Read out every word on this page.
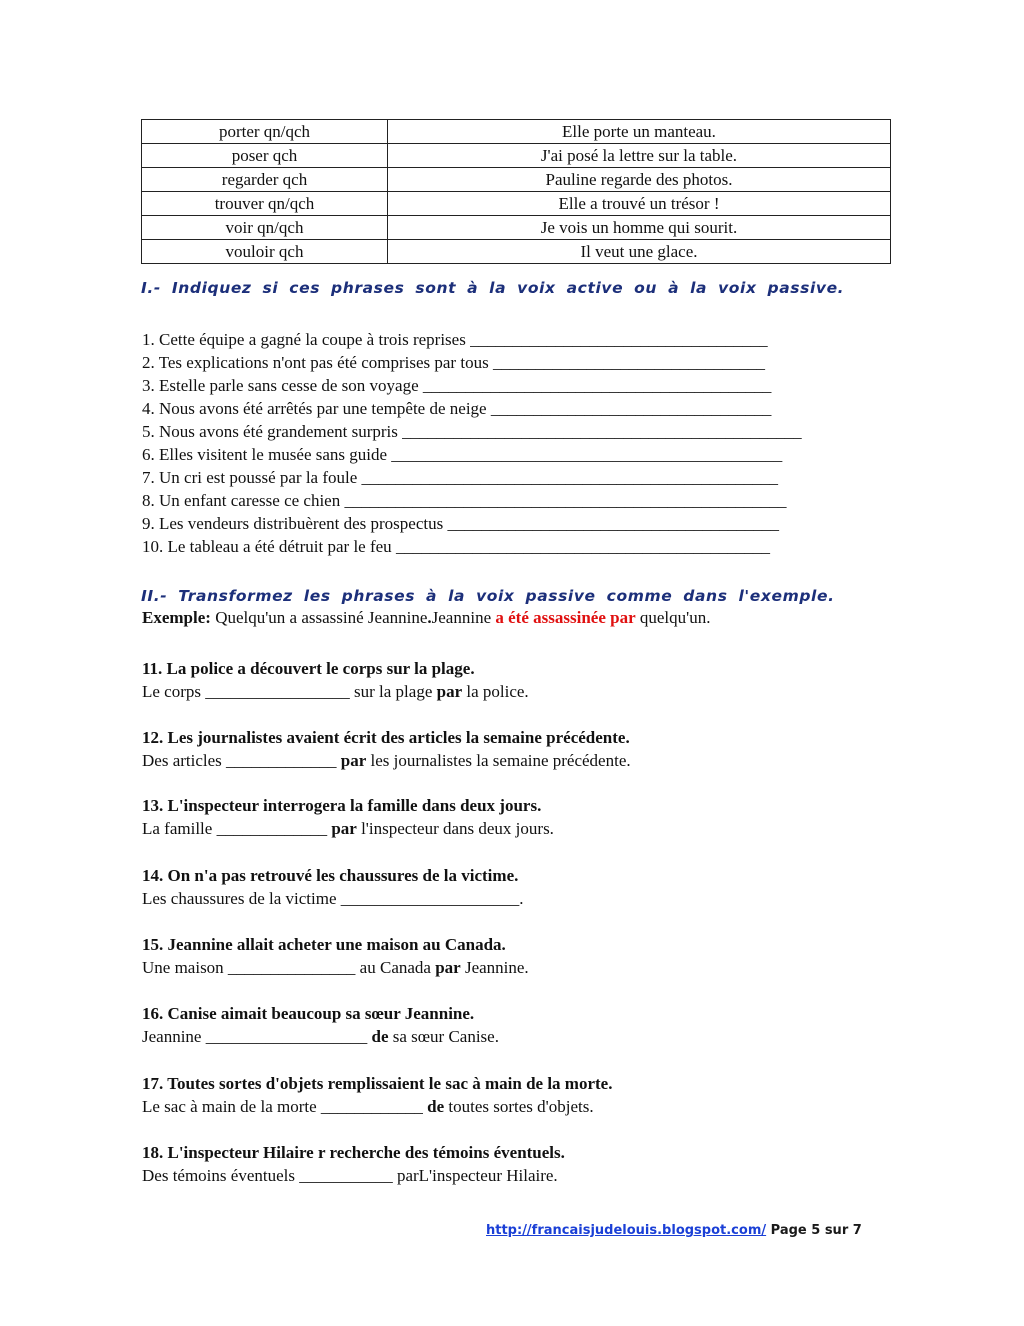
porter qn/qch	Elle porte un manteau.
poser qch	J'ai posé la lettre sur la table.
regarder qch	Pauline regarde des photos.
trouver qn/qch	Elle a trouvé un trésor !
voir qn/qch	Je vois un homme qui sourit.
vouloir qch	Il veut une glace.
I.- Indiquez si ces phrases sont à la voix active ou à la voix passive.
1. Cette équipe a gagné la coupe à trois reprises ___________________________________
2. Tes explications n'ont pas été comprises par tous ________________________________
3. Estelle parle sans cesse de son voyage _________________________________________
4. Nous avons été arrêtés par une tempête de neige _________________________________
5. Nous avons été grandement surpris _______________________________________________
6. Elles visitent le musée sans guide ______________________________________________
7. Un cri est poussé par la foule _________________________________________________
8. Un enfant caresse ce chien ____________________________________________________
9. Les vendeurs distribuèrent des prospectus _______________________________________
10. Le tableau a été détruit par le feu ____________________________________________
II.- Transformez les phrases à la voix passive comme dans l'exemple.
Exemple: Quelqu'un a assassiné Jeannine.Jeannine a été assassinée par quelqu'un.
11. La police a découvert le corps sur la plage.
Le corps _________________ sur la plage par la police.
12. Les journalistes avaient écrit des articles la semaine précédente.
Des articles _____________ par les journalistes la semaine précédente.
13. L'inspecteur interrogera la famille dans deux jours.
La famille _____________ par l'inspecteur dans deux jours.
14. On n'a pas retrouvé les chaussures de la victime.
Les chaussures de la victime _____________________.
15. Jeannine allait acheter une maison au Canada.
Une maison _______________ au Canada par Jeannine.
16. Canise aimait beaucoup sa sœur Jeannine.
Jeannine ___________________ de sa sœur Canise.
17. Toutes sortes d'objets remplissaient le sac à main de la morte.
Le sac à main de la morte ____________ de toutes sortes d'objets.
18. L'inspecteur Hilaire r recherche des témoins éventuels.
Des témoins éventuels ___________ parL'inspecteur Hilaire.
http://francaisjudelouis.blogspot.com/ Page 5 sur 7
